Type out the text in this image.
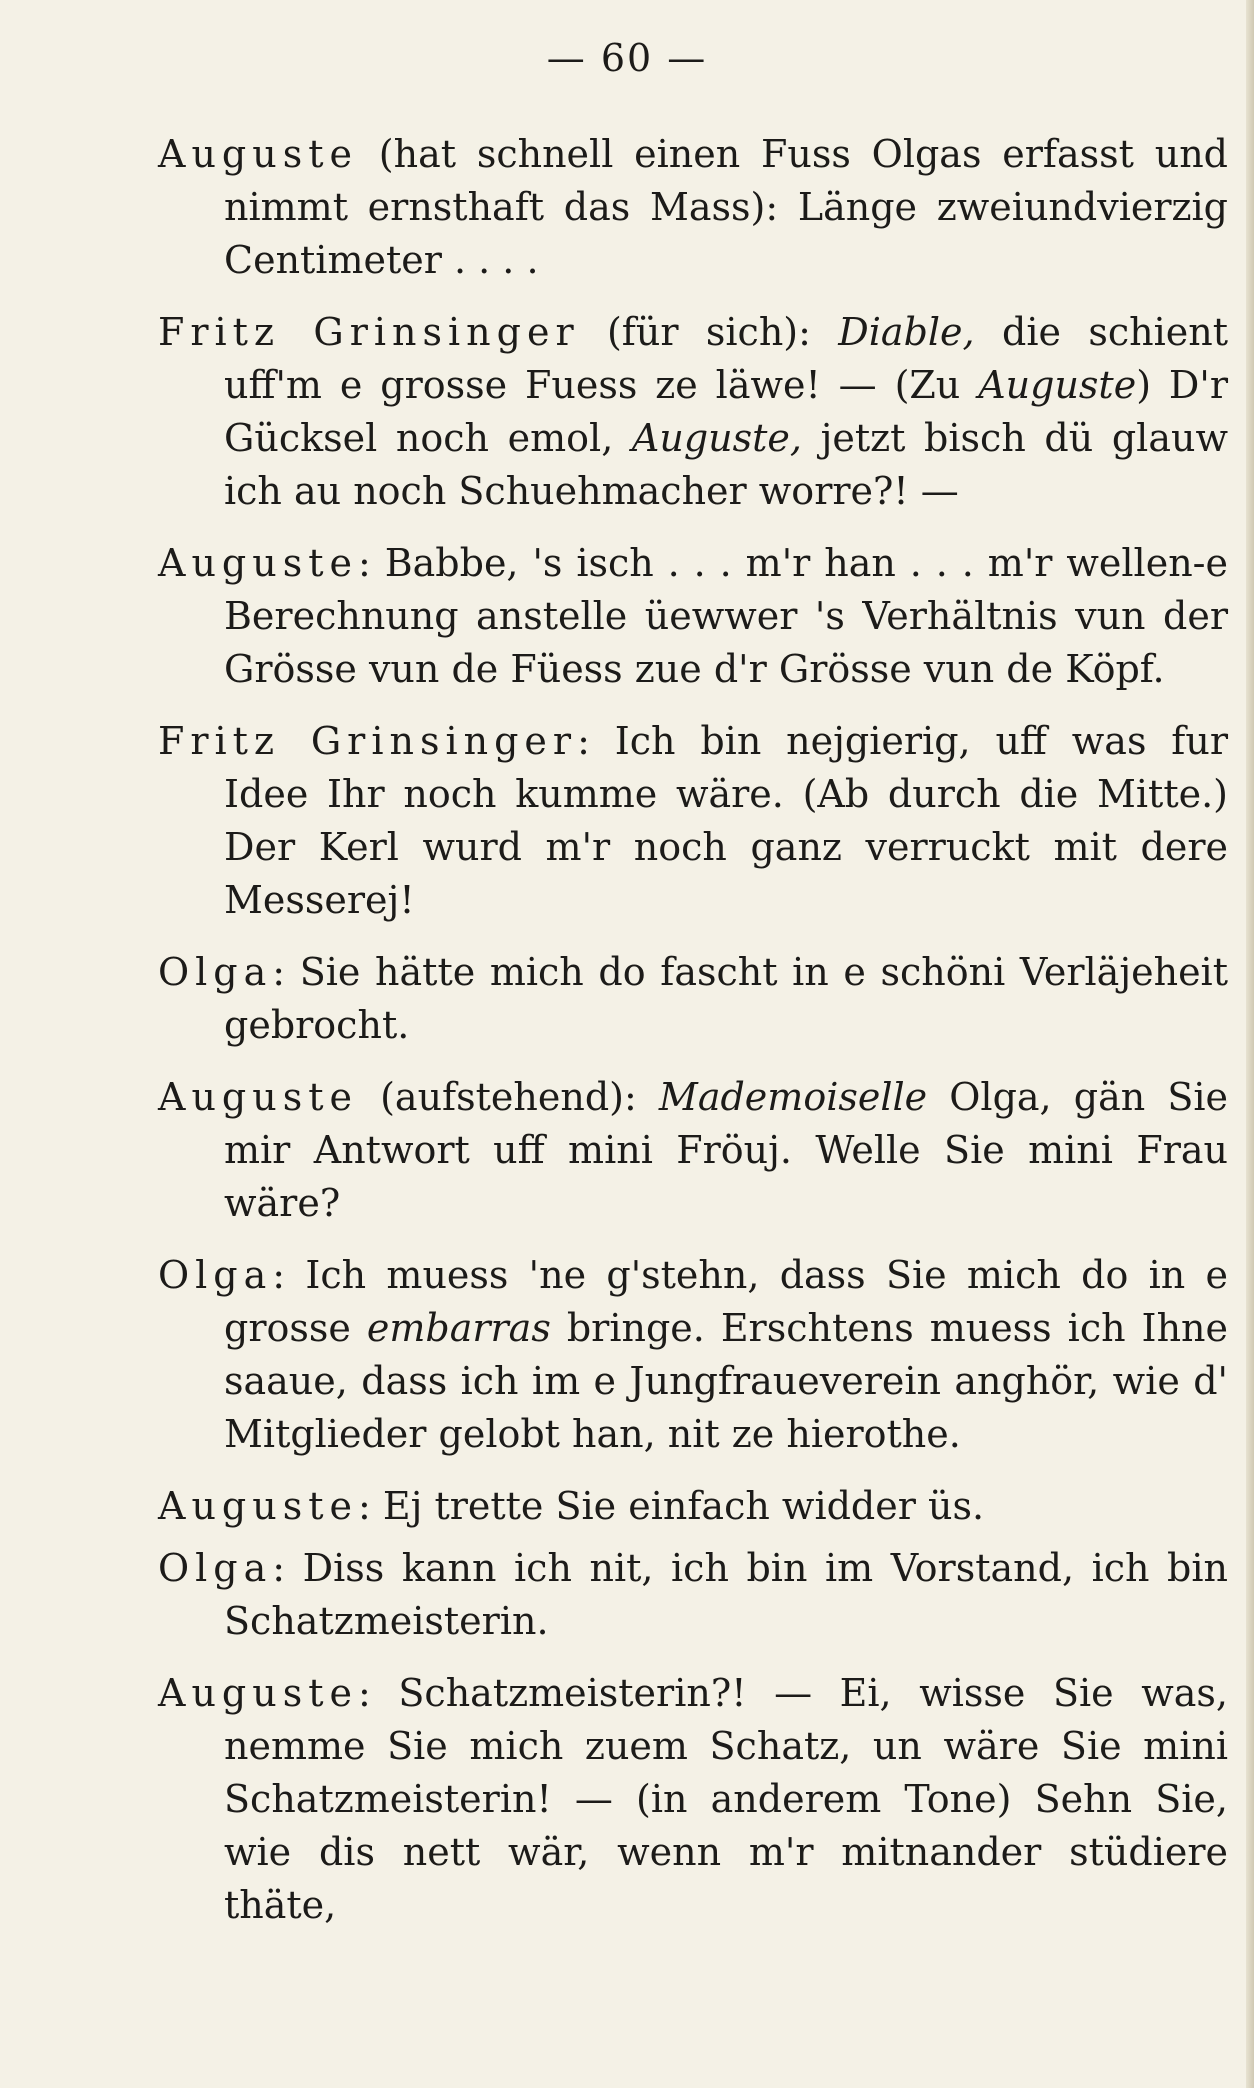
— 60 —
Auguste (hat schnell einen Fuss Olgas erfasst und nimmt ernsthaft das Mass): Länge zweiundvierzig Centimeter . . . .
Fritz Grinsinger (für sich): Diable, die schient uff'm e grosse Fuess ze läwe! — (Zu Auguste) D'r Gücksel noch emol, Auguste, jetzt bisch dü glauw ich au noch Schuehmacher worre?! —
Auguste: Babbe, 's isch . . . m'r han . . . m'r wellen-e Berechnung anstelle üewwer 's Verhältnis vun der Grösse vun de Füess zue d'r Grösse vun de Köpf.
Fritz Grinsinger: Ich bin nejgierig, uff was fur Idee Ihr noch kumme wäre. (Ab durch die Mitte.) Der Kerl wurd m'r noch ganz verruckt mit dere Messerej!
Olga: Sie hätte mich do fascht in e schöni Verläjeheit gebrocht.
Auguste (aufstehend): Mademoiselle Olga, gän Sie mir Antwort uff mini Fröuj. Welle Sie mini Frau wäre?
Olga: Ich muess 'ne g'stehn, dass Sie mich do in e grosse embarras bringe. Erschtens muess ich Ihne saaue, dass ich im e Jungfraueverein anghör, wie d' Mitglieder gelobt han, nit ze hierothe.
Auguste: Ej trette Sie einfach widder üs.
Olga: Diss kann ich nit, ich bin im Vorstand, ich bin Schatzmeisterin.
Auguste: Schatzmeisterin?! — Ei, wisse Sie was, nemme Sie mich zuem Schatz, un wäre Sie mini Schatzmeisterin! — (in anderem Tone) Sehn Sie, wie dis nett wär, wenn m'r mitnander stüdiere thäte,
